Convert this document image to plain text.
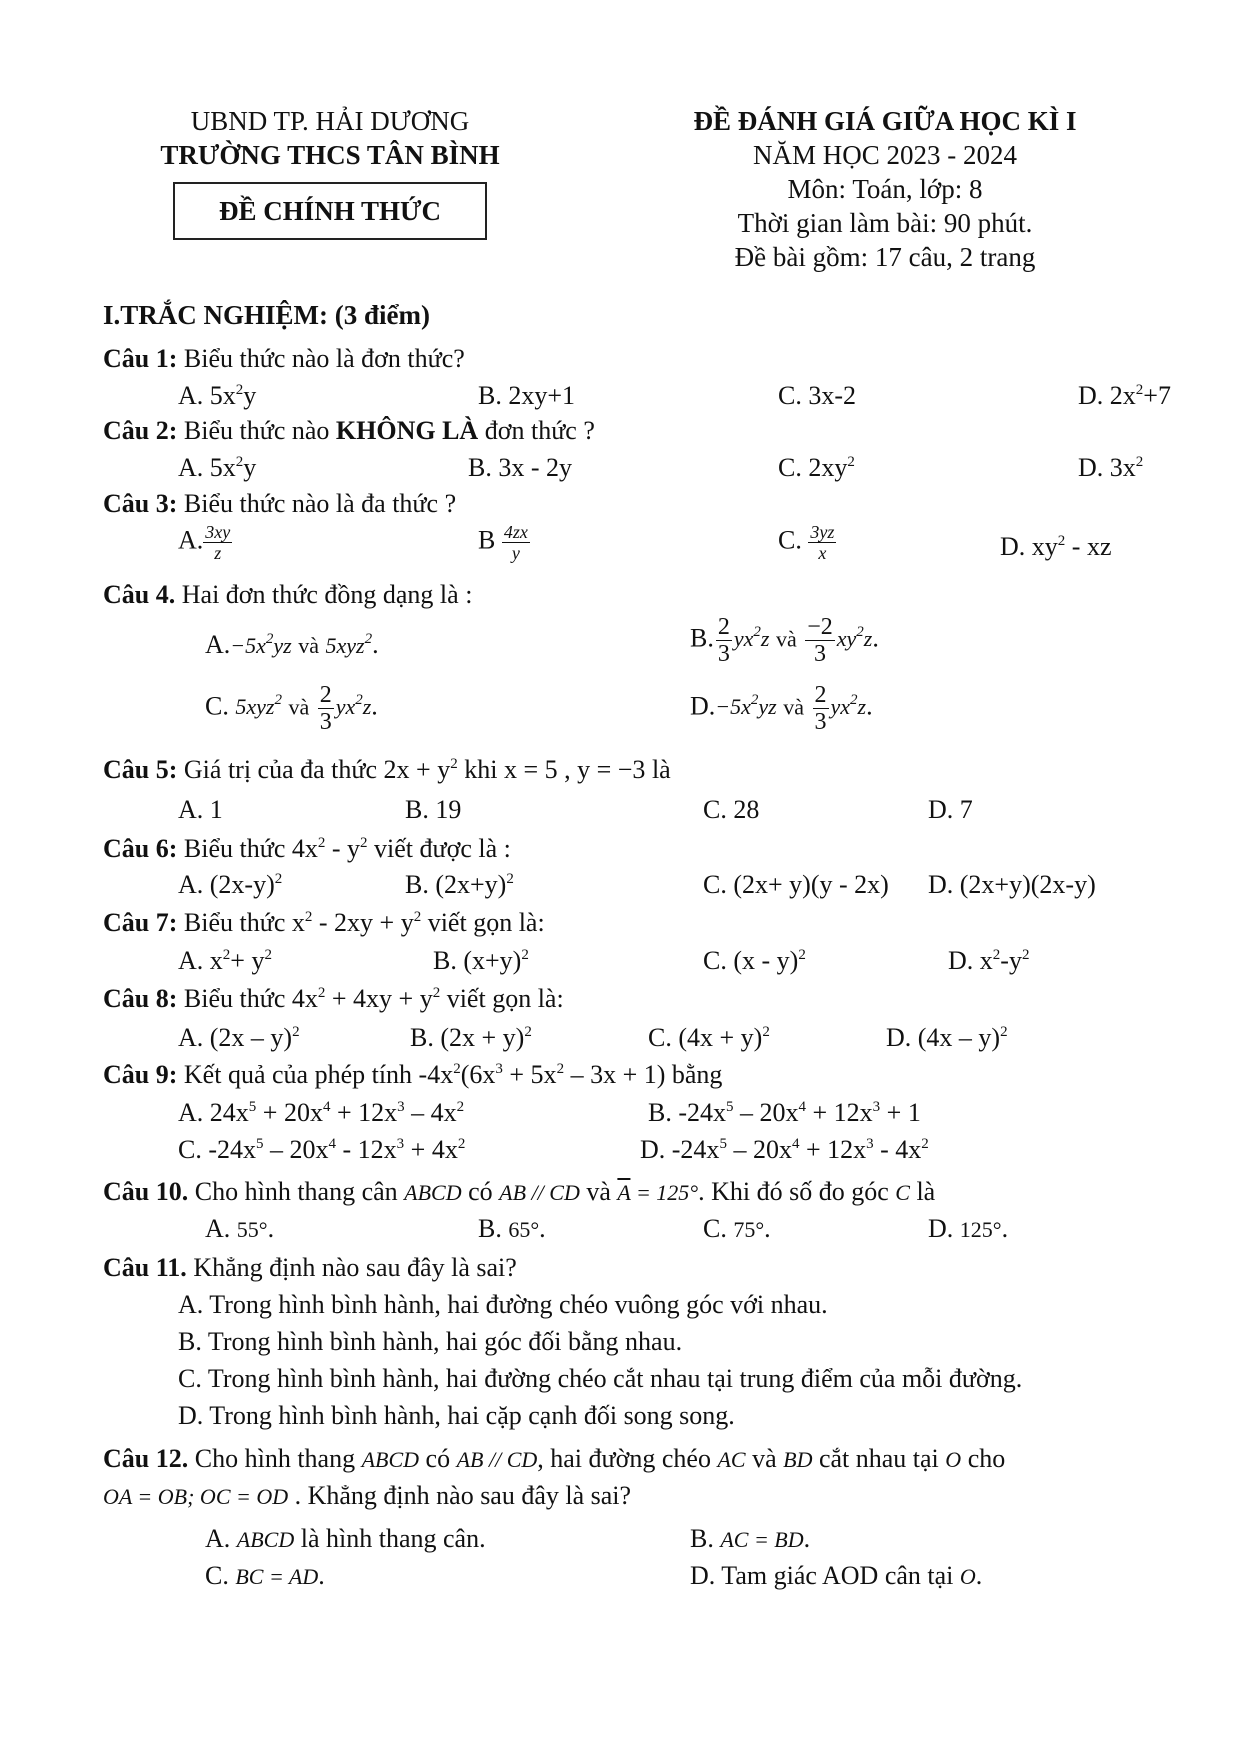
UBND TP. HẢI DƯƠNG
TRƯỜNG THCS TÂN BÌNH
ĐỀ CHÍNH THỨC
ĐỀ ĐÁNH GIÁ GIỮA HỌC KÌ I
NĂM HỌC 2023 - 2024
Môn: Toán, lớp: 8
Thời gian làm bài: 90 phút.
Đề bài gồm: 17 câu, 2 trang
I.TRẮC NGHIỆM: (3 điểm)
Câu 1: Biểu thức nào là đơn thức?
A. $5x^2y$	B. 2xy+1	C. 3x-2	D. $2x^2+7$
Câu 2: Biểu thức nào KHÔNG LÀ đơn thức ?
A. $5x^2y$	B. 3x - 2y	C. $2xy^2$	D. $3x^2$
Câu 3: Biểu thức nào là đa thức ?
A. $\frac{3xy}{z}$	B $\frac{4zx}{y}$	C. $\frac{3yz}{x}$	D. $xy^2$ - xz
Câu 4. Hai đơn thức đồng dạng là :
$A.-5x^2yz$ và 5xyz$^2$.	B. $\frac{2}{3} yx^2z$ và $\frac{-2}{3} xy^2z$.
C. 5xyz$^2$ và $\frac{2}{3} yx^2z$.	$D.-5x^2yz$ và $\frac{2}{3} yx^2z$.
Câu 5: Giá trị của đa thức $2x + y^2$ khi x = 5 , y = −3 là
A. 1	B. 19	C. 28	D. 7
Câu 6: Biểu thức $4x^2 - y^2$ viết được là :
A. $(2x-y)^2$	B. $(2x+y)^2$	C. (2x+ y)(y - 2x) D. (2x+y)(2x-y)
Câu 7: Biểu thức $x^2 - 2xy + y^2$ viết gọn là:
A. $x^2+ y^2$	B. $(x+y)^2$	C. (x - y)$^2$	D. $x^2-y^2$
Câu 8: Biểu thức $4x^2 + 4xy + y^2$ viết gọn là:
A. (2x – y)$^2$	B. $(2x + y)^2$	C. $(4x + y)^2$	D. (4x – y)$^2$
Câu 9: Kết quả của phép tính $-4x^2(6x^3 + 5x^2 - 3x + 1)$ bằng
A. $24x^5 + 20x^4 + 12x^3 - 4x^2$	B. $-24x^5 - 20x^4 + 12x^3 + 1$
C. $-24x^5 - 20x^4 - 12x^3 + 4x^2$	D. $-24x^5 - 20x^4 + 12x^3 - 4x^2$
Câu 10. Cho hình thang cân ABCD có AB // CD và $\overline{A} = 125^\circ$. Khi đó số đo góc C là
A. 55°.	B. 65°.	C. 75°.	D. 125°.
Câu 11. Khẳng định nào sau đây là sai?
A. Trong hình bình hành, hai đường chéo vuông góc với nhau.
B. Trong hình bình hành, hai góc đối bằng nhau.
C. Trong hình bình hành, hai đường chéo cắt nhau tại trung điểm của mỗi đường.
D. Trong hình bình hành, hai cặp cạnh đối song song.
Câu 12. Cho hình thang ABCD có AB // CD, hai đường chéo AC và BD cắt nhau tại O cho
OA = OB; OC = OD . Khẳng định nào sau đây là sai?
A. ABCD là hình thang cân.	B. AC = BD.
C. BC = AD.	D. Tam giác AOD cân tại O.
